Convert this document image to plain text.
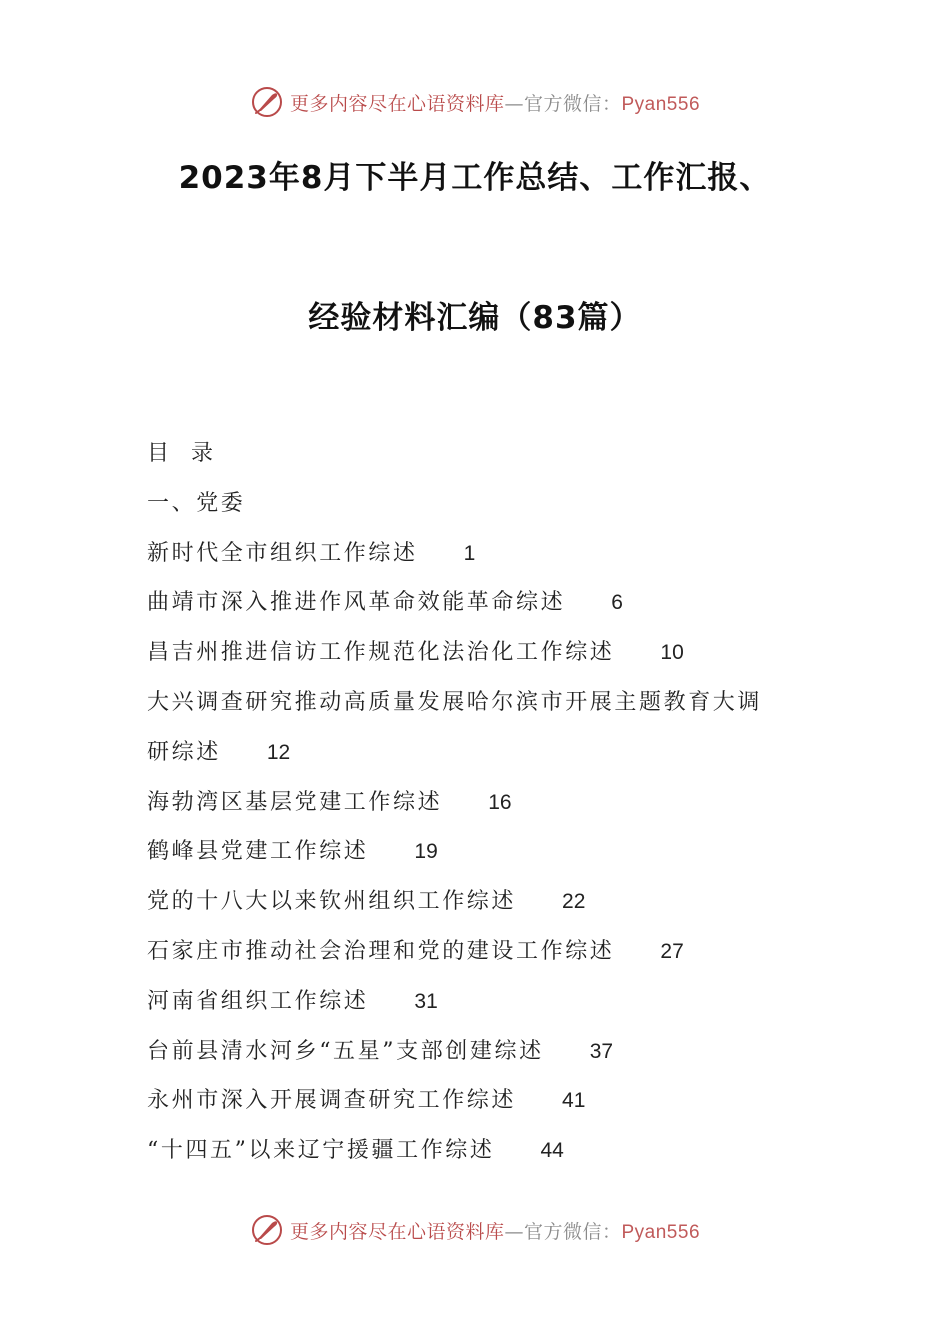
更多内容尽在心语资料库—官方微信：Pyan556
2023年8月下半月工作总结、工作汇报、
经验材料汇编（83篇）
目录
一、党委
新时代全市组织工作综述 1
曲靖市深入推进作风革命效能革命综述 6
昌吉州推进信访工作规范化法治化工作综述 10
大兴调查研究推动高质量发展哈尔滨市开展主题教育大调
研综述 12
海勃湾区基层党建工作综述 16
鹤峰县党建工作综述 19
党的十八大以来钦州组织工作综述 22
石家庄市推动社会治理和党的建设工作综述 27
河南省组织工作综述 31
台前县清水河乡“五星”支部创建综述 37
永州市深入开展调查研究工作综述 41
“十四五”以来辽宁援疆工作综述 44
更多内容尽在心语资料库—官方微信：Pyan556
